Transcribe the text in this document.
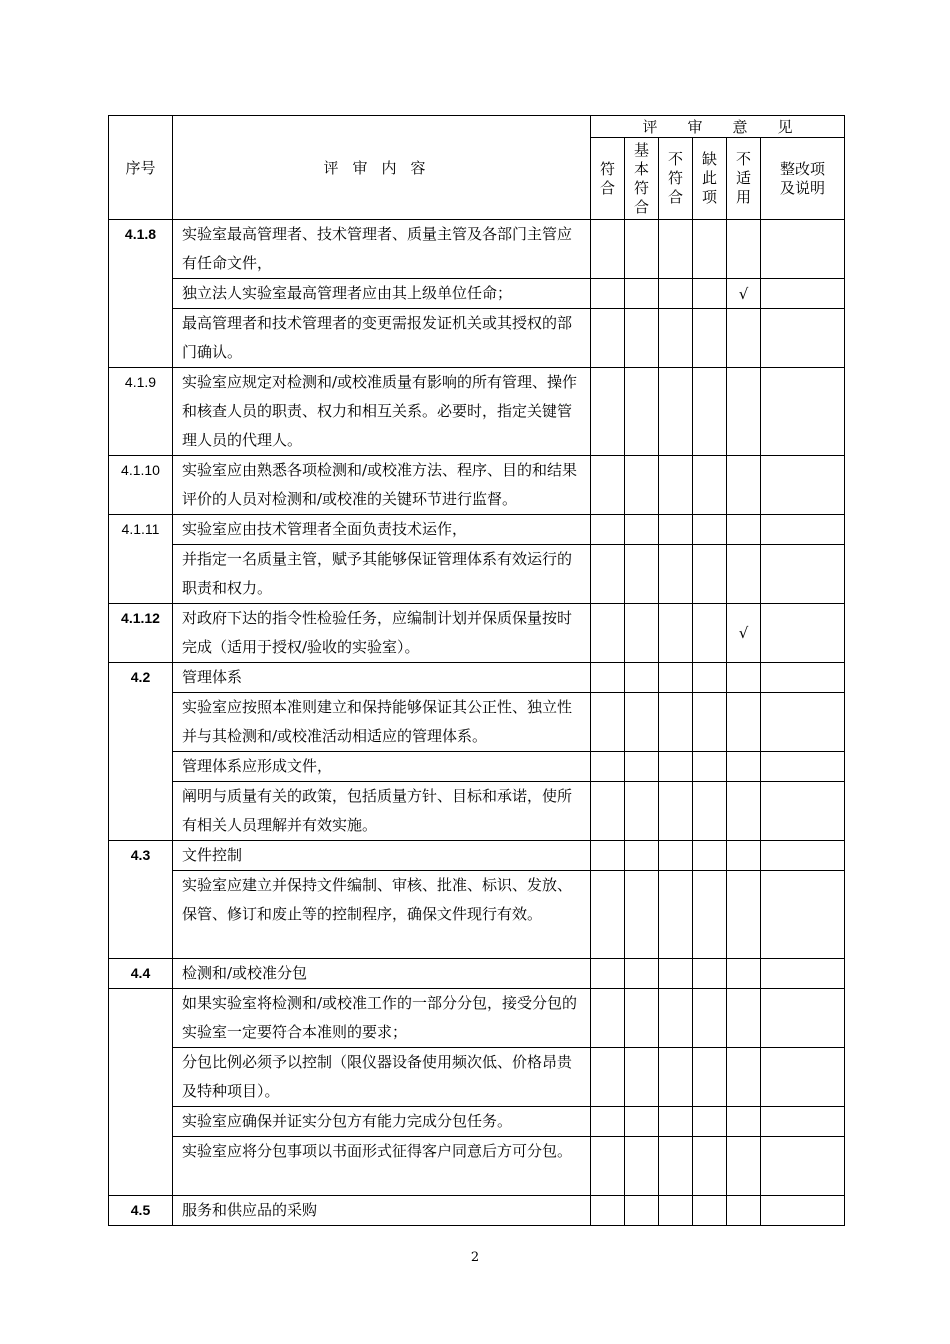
序号	评审内容	评审意见					

		符合	基本符合	不符合	缺此项	不适用	整改项及说明

4.1.8	实验室最高管理者、技术管理者、质量主管及各部门主管应有任命文件，						
	独立法人实验室最高管理者应由其上级单位任命；					√	
	最高管理者和技术管理者的变更需报发证机关或其授权的部门确认。						
4.1.9	实验室应规定对检测和/或校准质量有影响的所有管理、操作和核查人员的职责、权力和相互关系。必要时，指定关键管理人员的代理人。						
4.1.10	实验室应由熟悉各项检测和/或校准方法、程序、目的和结果评价的人员对检测和/或校准的关键环节进行监督。						
4.1.11	实验室应由技术管理者全面负责技术运作，						
	并指定一名质量主管，赋予其能够保证管理体系有效运行的职责和权力。						
4.1.12	对政府下达的指令性检验任务，应编制计划并保质保量按时完成（适用于授权/验收的实验室）。					√	
4.2	管理体系						
	实验室应按照本准则建立和保持能够保证其公正性、独立性并与其检测和/或校准活动相适应的管理体系。						
	管理体系应形成文件，						
	阐明与质量有关的政策，包括质量方针、目标和承诺，使所有相关人员理解并有效实施。						
4.3	文件控制						
	实验室应建立并保持文件编制、审核、批准、标识、发放、保管、修订和废止等的控制程序，确保文件现行有效。						
4.4	检测和/或校准分包						
	如果实验室将检测和/或校准工作的一部分分包，接受分包的实验室一定要符合本准则的要求；						
	分包比例必须予以控制（限仪器设备使用频次低、价格昂贵及特种项目）。						
	实验室应确保并证实分包方有能力完成分包任务。						
	实验室应将分包事项以书面形式征得客户同意后方可分包。						
4.5	服务和供应品的采购						
2
